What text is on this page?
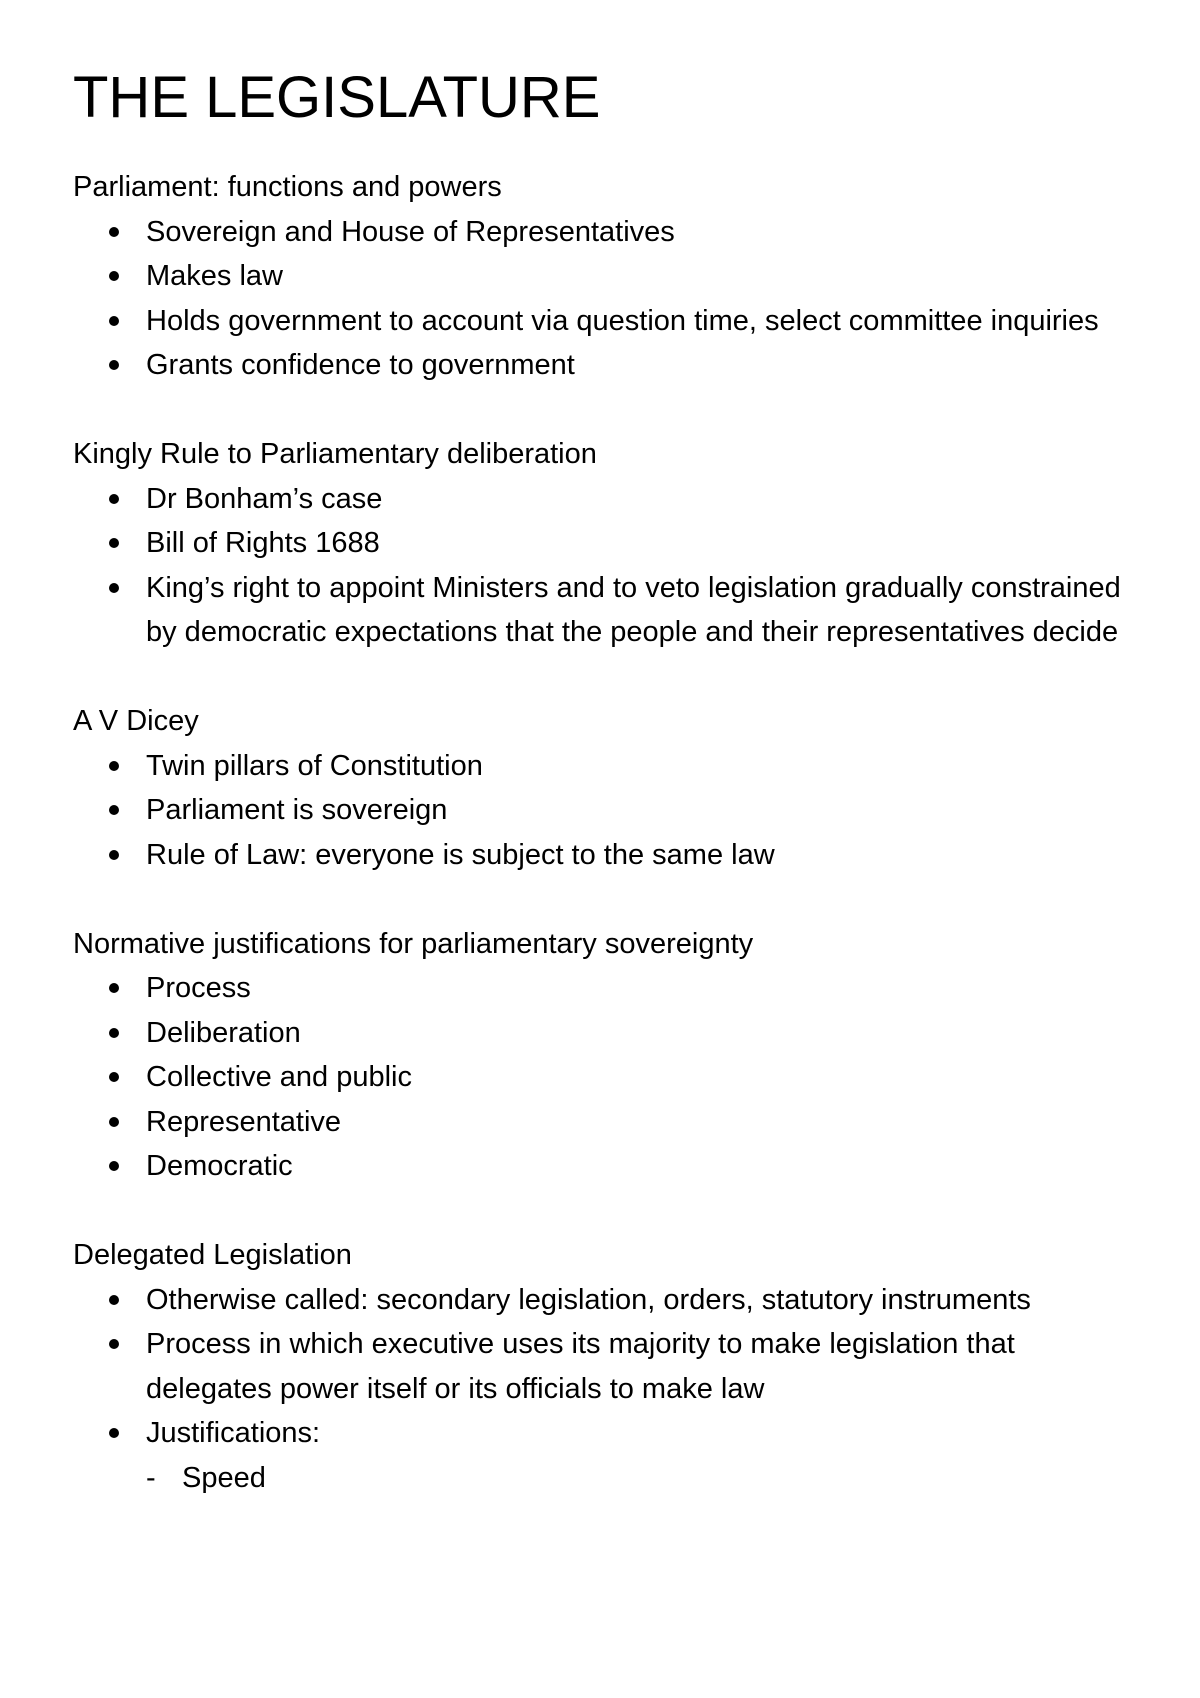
THE LEGISLATURE
Parliament: functions and powers
Sovereign and House of Representatives
Makes law
Holds government to account via question time, select committee inquiries
Grants confidence to government
Kingly Rule to Parliamentary deliberation
Dr Bonham’s case
Bill of Rights 1688
King’s right to appoint Ministers and to veto legislation gradually constrained by democratic expectations that the people and their representatives decide
A V Dicey
Twin pillars of Constitution
Parliament is sovereign
Rule of Law: everyone is subject to the same law
Normative justifications for parliamentary sovereignty
Process
Deliberation
Collective and public
Representative
Democratic
Delegated Legislation
Otherwise called: secondary legislation, orders, statutory instruments
Process in which executive uses its majority to make legislation that delegates power itself or its officials to make law
Justifications:
- Speed
